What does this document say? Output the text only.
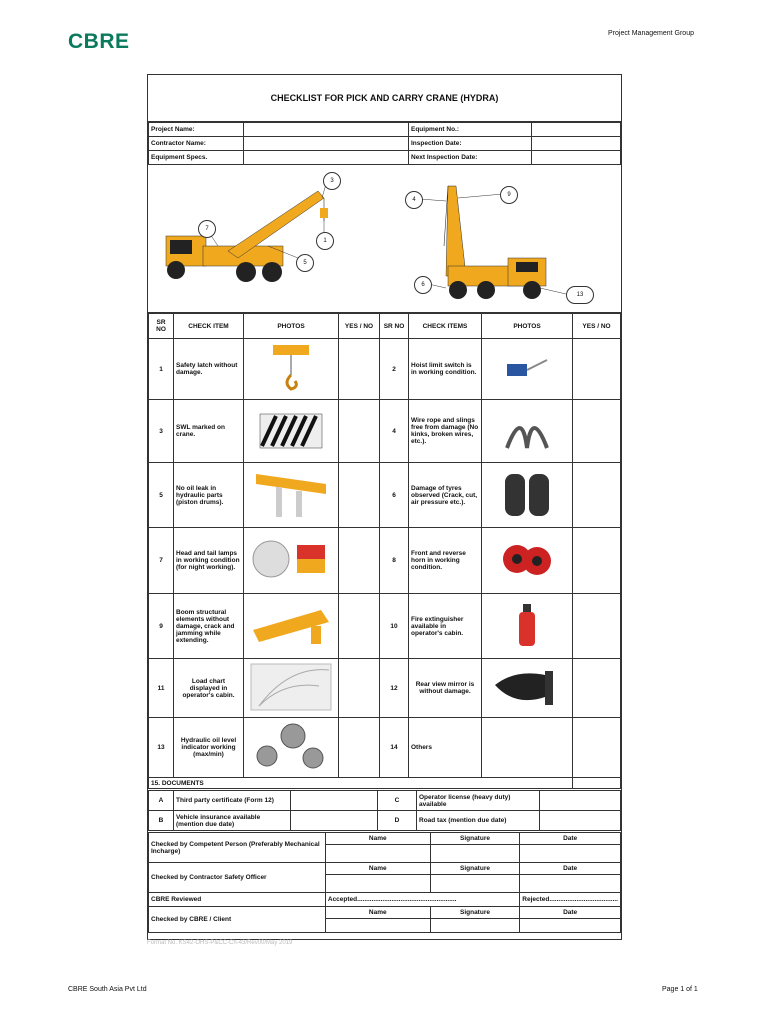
CBRE	Project Management Group
CHECKLIST FOR PICK AND CARRY CRANE (HYDRA)
Project Name:		Equipment No.:	
Contractor Name:		Inspection Date:	
Equipment Specs.		Next Inspection Date:	
1
3
5
7
4
9
6
13
SR NO	CHECK ITEM	PHOTOS	YES / NO	SR NO	CHECK ITEMS	PHOTOS	YES / NO
1	Safety latch without damage.			2	Hoist limit switch is in working condition.		
3	SWL marked on crane.			4	Wire rope and slings free from damage (No kinks, broken wires, etc.).		
5	No oil leak in hydraulic parts (piston drums).			6	Damage of tyres observed (Crack, cut, air pressure etc.).		
7	Head and tail lamps in working condition (for night working).			8	Front and reverse horn in working condition.		
9	Boom structural elements without damage, crack and jamming while extending.			10	Fire extinguisher available in operator's cabin.		
11	Load chart displayed in operator's cabin.			12	Rear view mirror is without damage.		
13	Hydraulic oil level indicator working (max/min)			14	Others		
15. DOCUMENTS							
A	Third party certificate (Form 12)		C	Operator license (heavy duty) available	
B	Vehicle insurance available (mention due date)		D	Road tax (mention due date)	
Checked by Competent Person (Preferably Mechanical Incharge)	Name	Signature	Date

Checked by Contractor Safety Officer	Name	Signature	Date

CBRE Reviewed	Accepted.......................................................		Rejected......................................
Checked by CBRE / Client	Name	Signature	Date

Format No. KS42-OHS-P&CC-Ch-43/Rev00/May 2019
CBRE South Asia Pvt Ltd	Page 1 of 1
